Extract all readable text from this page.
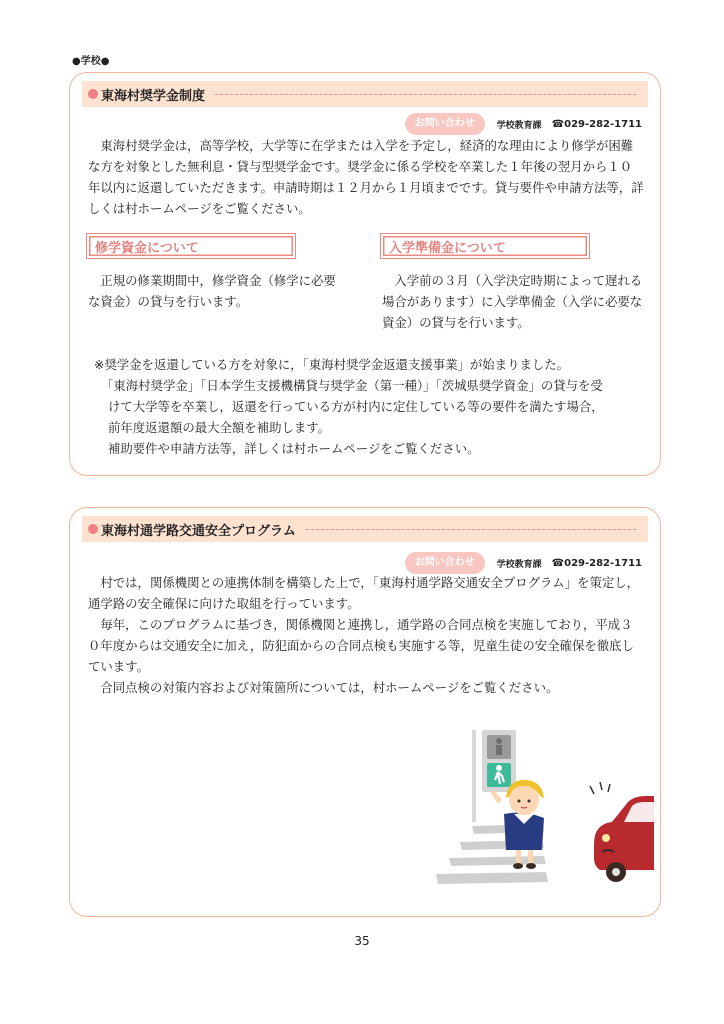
●学校●
東海村奨学金制度
お問い合わせ	学校教育課 ☎029-282-1711

東海村奨学金は，高等学校，大学等に在学または入学を予定し，経済的な理由により修学が困難な方を対象とした無利息・貸与型奨学金です。奨学金に係る学校を卒業した１年後の翌月から１０年以内に返還していただきます。申請時期は１２月から１月頃までです。貸与要件や申請方法等，詳しくは村ホームページをご覧ください。

修学資金について	入学準備金について

正規の修業期間中，修学資金（修学に必要な資金）の貸与を行います。

入学前の３月（入学決定時期によって遅れる場合があります）に入学準備金（入学に必要な資金）の貸与を行います。

※奨学金を返還している方を対象に，「東海村奨学金返還支援事業」が始まりました。
「東海村奨学金」「日本学生支援機構貸与奨学金（第一種）」「茨城県奨学資金」の貸与を受
けて大学等を卒業し，返還を行っている方が村内に定住している等の要件を満たす場合，
前年度返還額の最大全額を補助します。
補助要件や申請方法等，詳しくは村ホームページをご覧ください。
東海村通学路交通安全プログラム
お問い合わせ	学校教育課 ☎029-282-1711

村では，関係機関との連携体制を構築した上で，「東海村通学路交通安全プログラム」を策定し，通学路の安全確保に向けた取組を行っています。

毎年，このプログラムに基づき，関係機関と連携し，通学路の合同点検を実施しており，平成３０年度からは交通安全に加え，防犯面からの合同点検も実施する等，児童生徒の安全確保を徹底しています。

合同点検の対策内容および対策箇所については，村ホームページをご覧ください。

35
